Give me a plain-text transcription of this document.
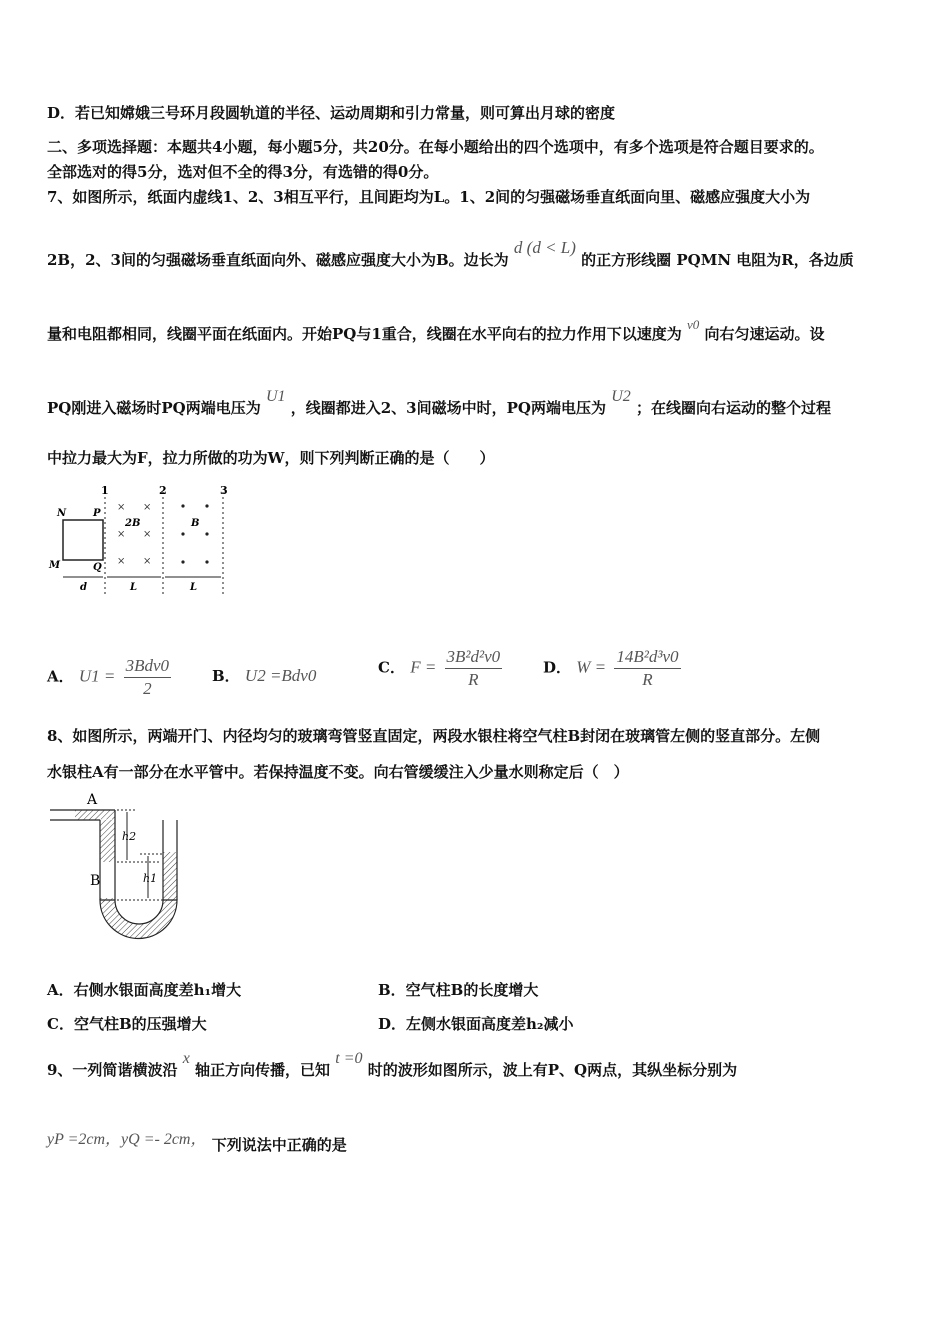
D．若已知嫦娥三号环月段圆轨道的半径、运动周期和引力常量，则可算出月球的密度
二、多项选择题：本题共4小题，每小题5分，共20分。在每小题给出的四个选项中，有多个选项是符合题目要求的。
全部选对的得5分，选对但不全的得3分，有选错的得0分。
7、如图所示，纸面内虚线1、2、3相互平行，且间距均为L。1、2间的匀强磁场垂直纸面向里、磁感应强度大小为
2B，2、3间的匀强磁场垂直纸面向外、磁感应强度大小为B。边长为 d (d < L) 的正方形线圈 PQMN 电阻为R，各边质
量和电阻都相同，线圈平面在纸面内。开始PQ与1重合，线圈在水平向右的拉力作用下以速度为 v0 向右匀速运动。设
PQ刚进入磁场时PQ两端电压为 U1 ，线圈都进入2、3间磁场中时，PQ两端电压为 U2 ；在线圈向右运动的整个过程
中拉力最大为F，拉力所做的功为W，则下列判断正确的是（　　）
1	2	3
N	P
M	Q
× ×
× ×
× ×
2B	B
d	L	L
A． $U1 = \frac{\text{3Bdv0}}{2}$	B． U2 =Bdv0	C． $F = \frac{\text{3B²d²v0}}{R}$	D． $W = \frac{\text{14B²d³v0}}{R}$
8、如图所示，两端开门、内径均匀的玻璃弯管竖直固定，两段水银柱将空气柱B封闭在玻璃管左侧的竖直部分。左侧
水银柱A有一部分在水平管中。若保持温度不变。向右管缓缓注入少量水则称定后（　）
A
B
h2
h1
A．右侧水银面高度差h₁增大	B．空气柱B的长度增大
C．空气柱B的压强增大	D．左侧水银面高度差h₂减小
9、一列简谐横波沿 x 轴正方向传播，已知 t =0 时的波形如图所示，波上有P、Q两点，其纵坐标分别为
yP =2cm，yQ =- 2cm， 下列说法中正确的是
